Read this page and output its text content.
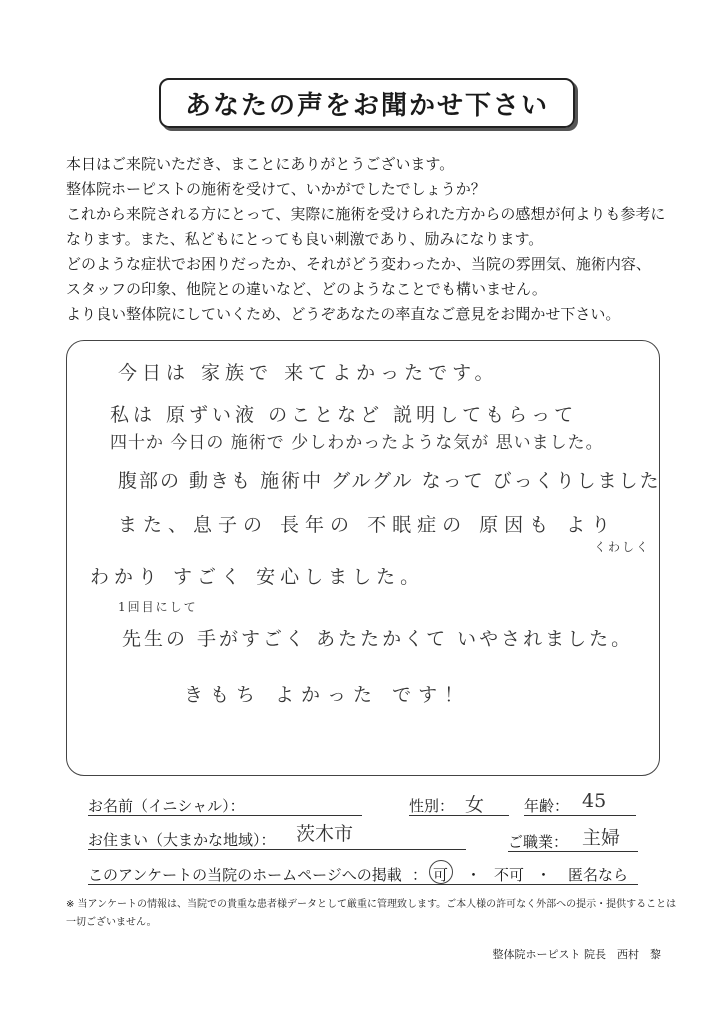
あなたの声をお聞かせ下さい
本日はご来院いただき、まことにありがとうございます。
整体院ホーピストの施術を受けて、いかがでしたでしょうか？
これから来院される方にとって、実際に施術を受けられた方からの感想が何よりも参考に
なります。また、私どもにとっても良い刺激であり、励みになります。
どのような症状でお困りだったか、それがどう変わったか、当院の雰囲気、施術内容、
スタッフの印象、他院との違いなど、どのようなことでも構いません。
より良い整体院にしていくため、どうぞあなたの率直なご意見をお聞かせ下さい。
今日は 家族で 来てよかったです。
私は 原ずい液 のことなど 説明してもらって
四十か 今日の 施術で 少しわかったような気が 思いました。
腹部の 動きも 施術中 グルグル なって びっくりしました
また、息子の 長年の 不眠症の 原因も より
くわしく
わかり すごく 安心しました。
1回目にして
先生の 手がすごく あたたかくて いやされました。
きもち よかった です！
お名前（イニシャル）：	性別： 女	年齢： 45
お住まい（大まかな地域）： 茨木市	ご職業： 主婦
このアンケートの当院のホームページへの掲載 ： 可 ・ 不可 ・ 匿名なら
※ 当アンケートの情報は、当院での貴重な患者様データとして厳重に管理致します。ご本人様の許可なく外部への提示・提供することは一切ございません。
整体院ホーピスト 院長　西村　黎
